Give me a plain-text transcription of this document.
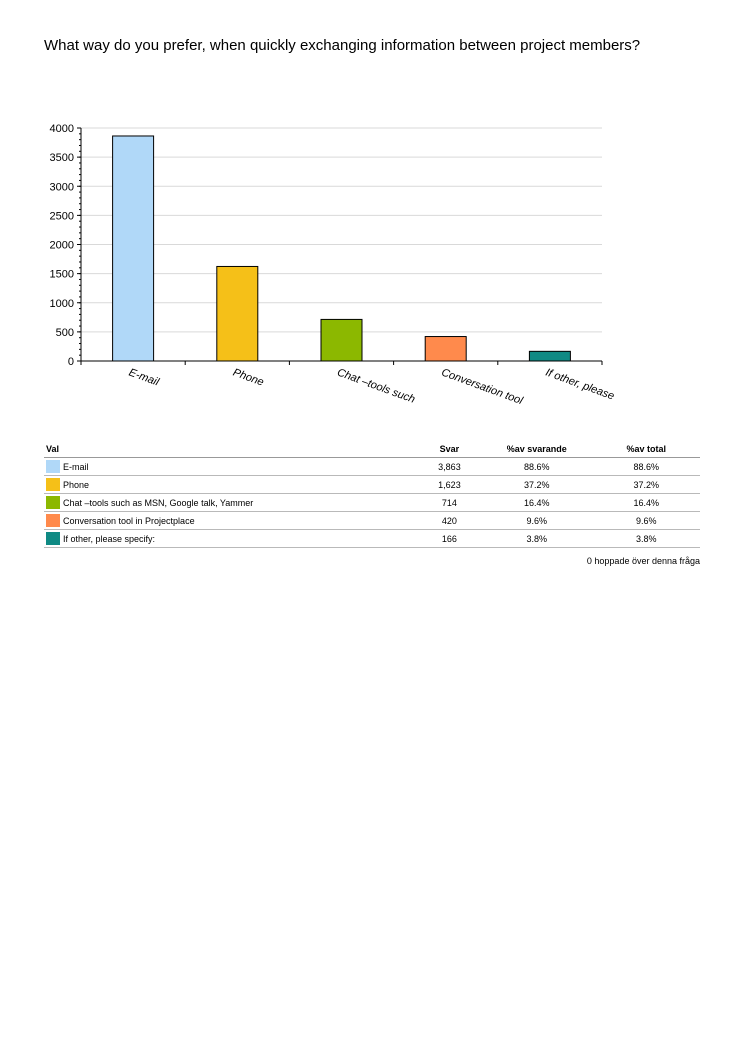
What way do you prefer, when quickly exchanging information between project members?
0
500
1000
1500
2000
2500
3000
3500
4000
E-mail	Phone	Chat –tools such Conversation tool If other, please
Val	Svar	%av svarande	%av total

E-mail	3,863	88.6%	88.6%

Phone	1,623	37.2%	37.2%

Chat –tools such as MSN, Google talk, Yammer	714	16.4%	16.4%

Conversation tool in Projectplace	420	9.6%	9.6%

If other, please specify:	166	3.8%	3.8%
0 hoppade över denna fråga
